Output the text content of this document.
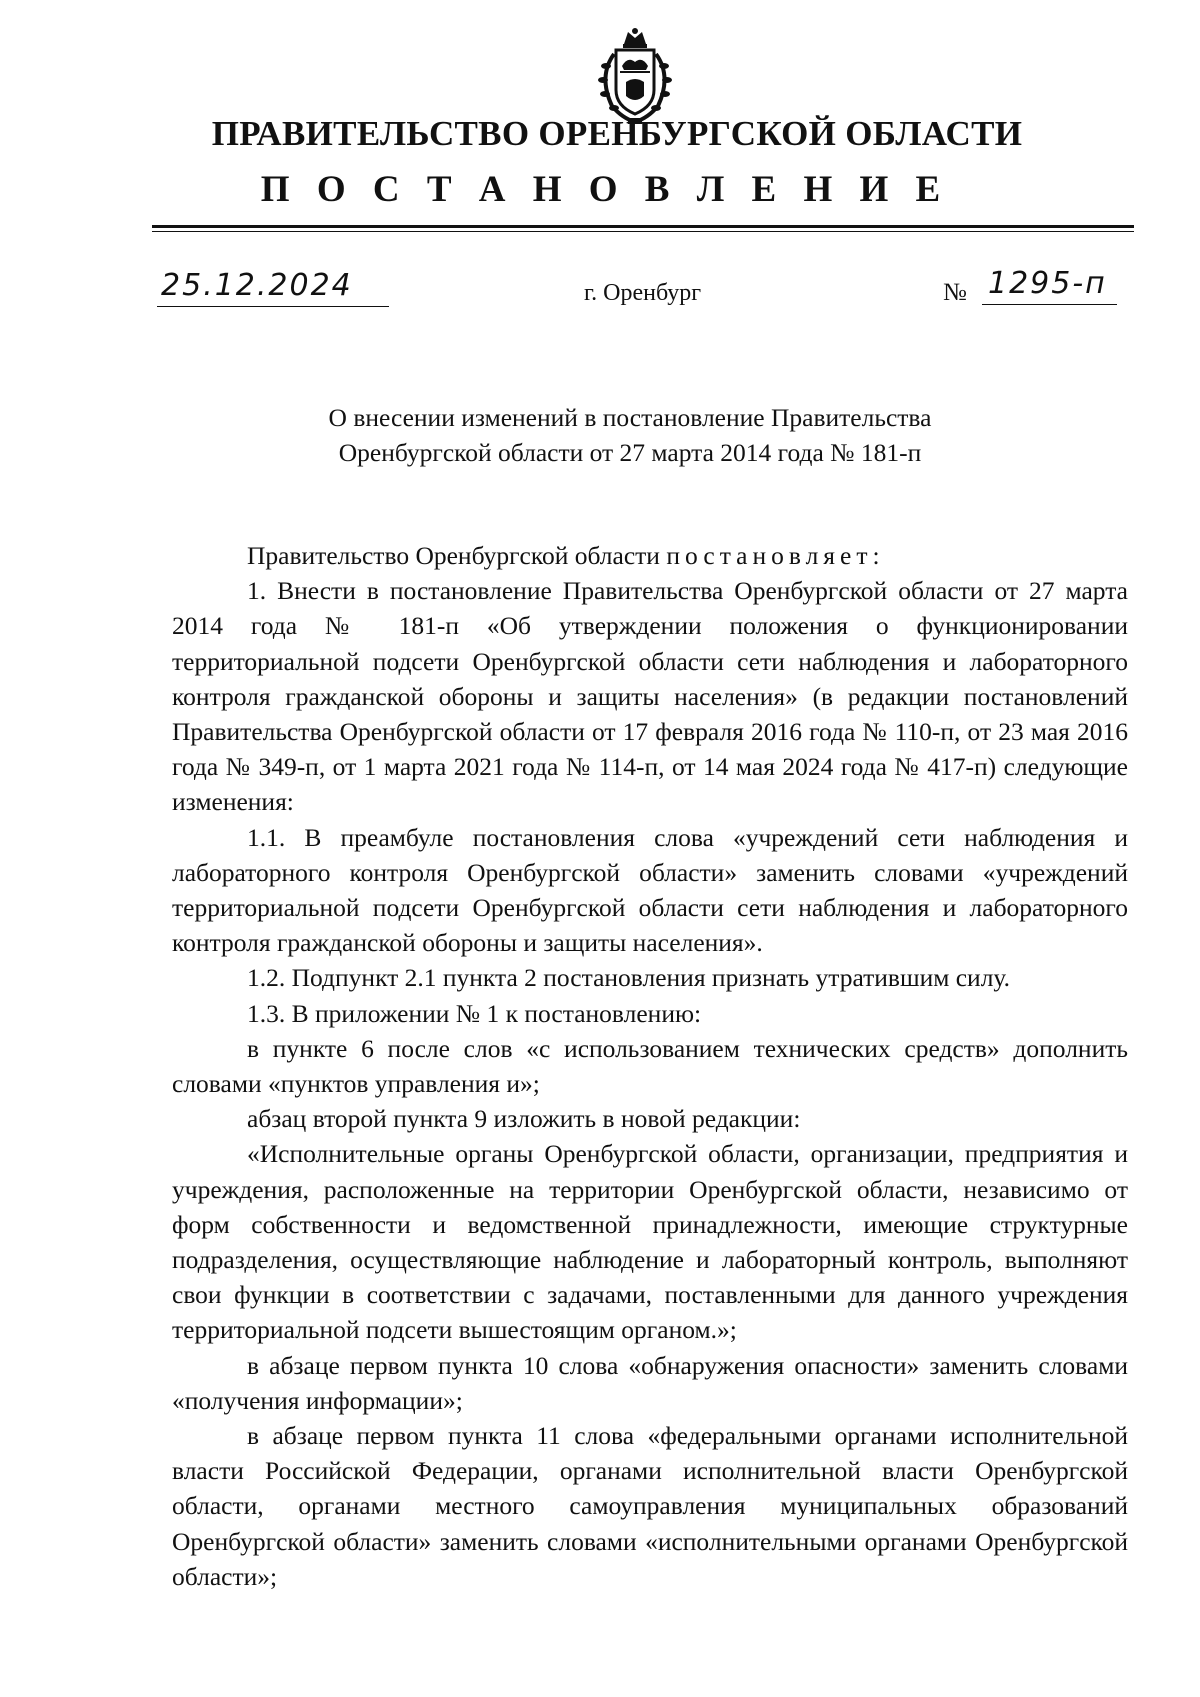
ПРАВИТЕЛЬСТВО ОРЕНБУРГСКОЙ ОБЛАСТИ
П О С Т А Н О В Л Е Н И Е
25.12.2024	г. Оренбург	№ 1295-п
О внесении изменений в постановление Правительства
Оренбургской области от 27 марта 2014 года № 181-п

Правительство Оренбургской области постановляет:

1. Внести в постановление Правительства Оренбургской области от 27 марта 2014 года № 181-п «Об утверждении положения о функционировании территориальной подсети Оренбургской области сети наблюдения и лабораторного контроля гражданской обороны и защиты населения» (в редакции постановлений Правительства Оренбургской области от 17 февраля 2016 года № 110-п, от 23 мая 2016 года № 349-п, от 1 марта 2021 года № 114-п, от 14 мая 2024 года № 417-п) следующие изменения:

1.1. В преамбуле постановления слова «учреждений сети наблюдения и лабораторного контроля Оренбургской области» заменить словами «учреждений территориальной подсети Оренбургской области сети наблюдения и лабораторного контроля гражданской обороны и защиты населения».

1.2. Подпункт 2.1 пункта 2 постановления признать утратившим силу.

1.3. В приложении № 1 к постановлению:

в пункте 6 после слов «с использованием технических средств» дополнить словами «пунктов управления и»;

абзац второй пункта 9 изложить в новой редакции:

«Исполнительные органы Оренбургской области, организации, предприятия и учреждения, расположенные на территории Оренбургской области, независимо от форм собственности и ведомственной принадлежности, имеющие структурные подразделения, осуществляющие наблюдение и лабораторный контроль, выполняют свои функции в соответствии с задачами, поставленными для данного учреждения территориальной подсети вышестоящим органом.»;

в абзаце первом пункта 10 слова «обнаружения опасности» заменить словами «получения информации»;

в абзаце первом пункта 11 слова «федеральными органами исполнительной власти Российской Федерации, органами исполнительной власти Оренбургской области, органами местного самоуправления муниципальных образований Оренбургской области» заменить словами «исполнительными органами Оренбургской области»;
